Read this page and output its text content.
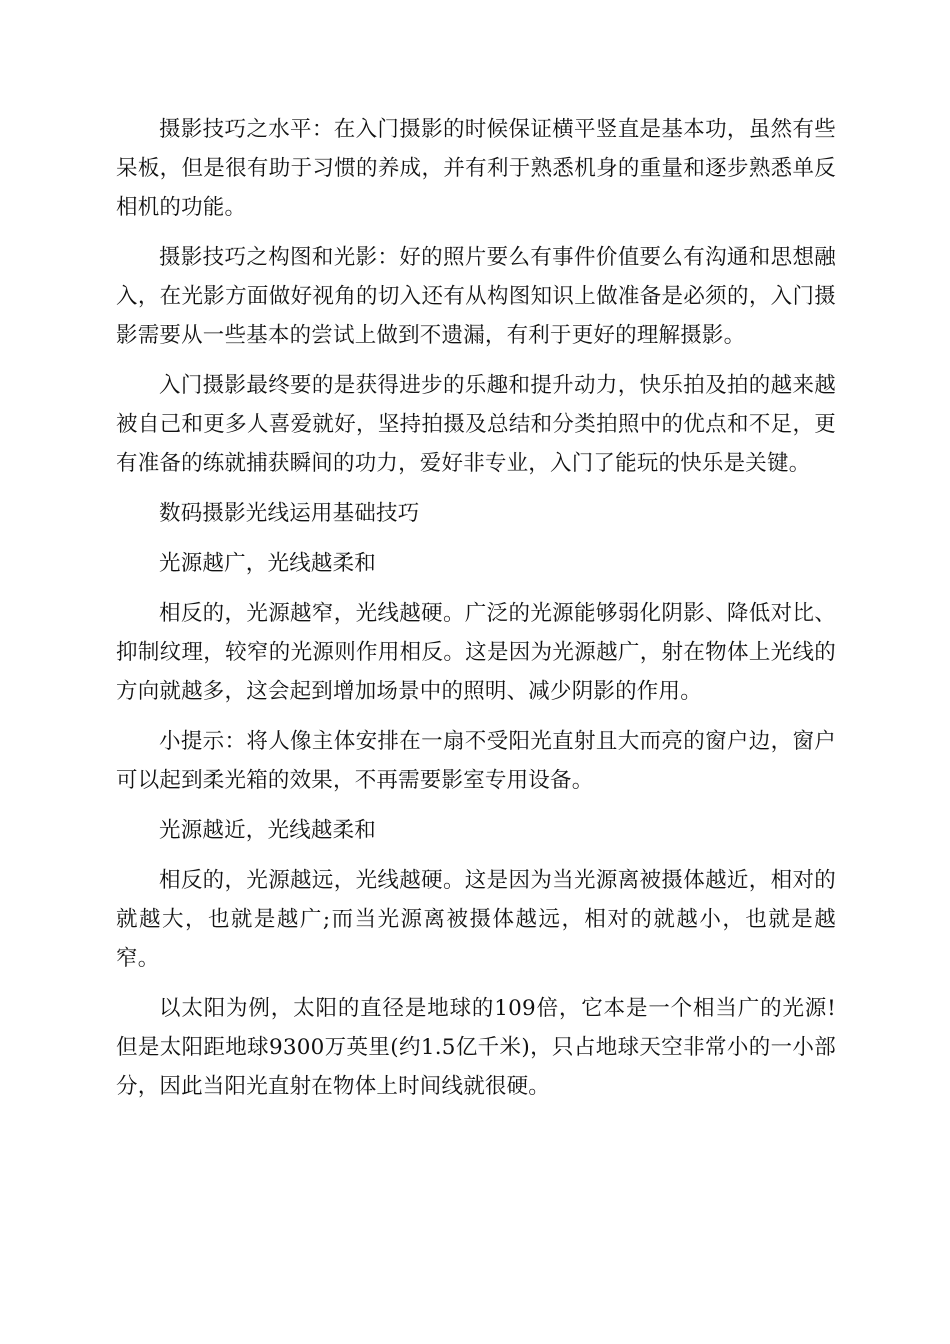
摄影技巧之水平：在入门摄影的时候保证横平竖直是基本功，虽然有些呆板，但是很有助于习惯的养成，并有利于熟悉机身的重量和逐步熟悉单反相机的功能。

摄影技巧之构图和光影：好的照片要么有事件价值要么有沟通和思想融入，在光影方面做好视角的切入还有从构图知识上做准备是必须的，入门摄影需要从一些基本的尝试上做到不遗漏，有利于更好的理解摄影。

入门摄影最终要的是获得进步的乐趣和提升动力，快乐拍及拍的越来越被自己和更多人喜爱就好，坚持拍摄及总结和分类拍照中的优点和不足，更有准备的练就捕获瞬间的功力，爱好非专业，入门了能玩的快乐是关键。

数码摄影光线运用基础技巧

光源越广，光线越柔和

相反的，光源越窄，光线越硬。广泛的光源能够弱化阴影、降低对比、抑制纹理，较窄的光源则作用相反。这是因为光源越广，射在物体上光线的方向就越多，这会起到增加场景中的照明、减少阴影的作用。

小提示：将人像主体安排在一扇不受阳光直射且大而亮的窗户边，窗户可以起到柔光箱的效果，不再需要影室专用设备。

光源越近，光线越柔和

相反的，光源越远，光线越硬。这是因为当光源离被摄体越近，相对的就越大，也就是越广;而当光源离被摄体越远，相对的就越小，也就是越窄。

以太阳为例，太阳的直径是地球的109倍，它本是一个相当广的光源!但是太阳距地球9300万英里(约1.5亿千米)，只占地球天空非常小的一小部分，因此当阳光直射在物体上时间线就很硬。
